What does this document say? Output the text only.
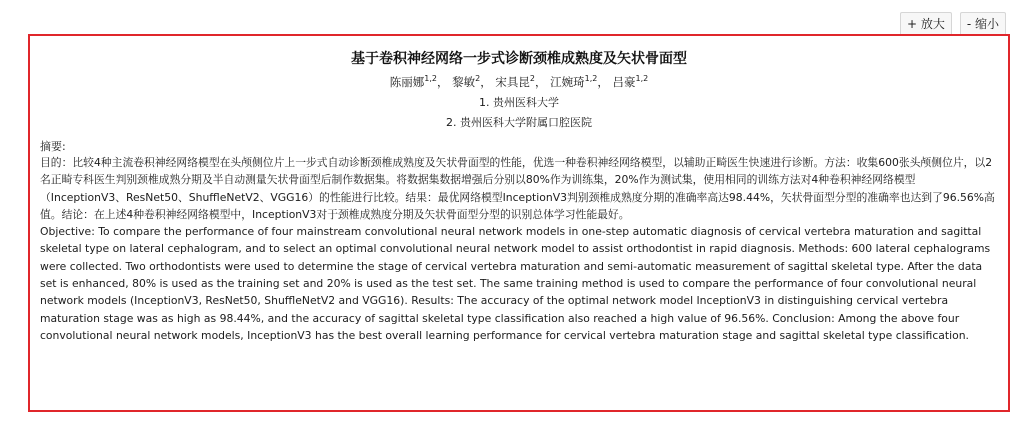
+ 放大	- 缩小
基于卷积神经网络一步式诊断颈椎成熟度及矢状骨面型
陈丽娜$^{1,2}$， 黎敏$^2$， 宋具昆$^2$， 江婉琦$^{1,2}$， 吕豪$^{1,2}$
1. 贵州医科大学
2. 贵州医科大学附属口腔医院
摘要:

目的：比较4种主流卷积神经网络模型在头颅侧位片上一步式自动诊断颈椎成熟度及矢状骨面型的性能，优选一种卷积神经网络模型，以辅助正畸医生快速进行诊断。方法：收集600张头颅侧位片，以2名正畸专科医生判别颈椎成熟分期及半自动测量矢状骨面型后制作数据集。将数据集数据增强后分别以80%作为训练集，20%作为测试集，使用相同的训练方法对4种卷积神经网络模型（InceptionV3、ResNet50、ShuffleNetV2、VGG16）的性能进行比较。结果：最优网络模型InceptionV3判别颈椎成熟度分期的准确率高达98.44%，矢状骨面型分型的准确率也达到了96.56%高值。结论：在上述4种卷积神经网络模型中，InceptionV3对于颈椎成熟度分期及矢状骨面型分型的识别总体学习性能最好。

Objective: To compare the performance of four mainstream convolutional neural network models in one-step automatic diagnosis of cervical vertebra maturation and sagittal skeletal type on lateral cephalogram, and to select an optimal convolutional neural network model to assist orthodontist in rapid diagnosis. Methods: 600 lateral cephalograms were collected. Two orthodontists were used to determine the stage of cervical vertebra maturation and semi-automatic measurement of sagittal skeletal type. After the data set is enhanced, 80% is used as the training set and 20% is used as the test set. The same training method is used to compare the performance of four convolutional neural network models (InceptionV3, ResNet50, ShuffleNetV2 and VGG16). Results: The accuracy of the optimal network model InceptionV3 in distinguishing cervical vertebra maturation stage was as high as 98.44%, and the accuracy of sagittal skeletal type classification also reached a high value of 96.56%. Conclusion: Among the above four convolutional neural network models, InceptionV3 has the best overall learning performance for cervical vertebra maturation stage and sagittal skeletal type classification.
